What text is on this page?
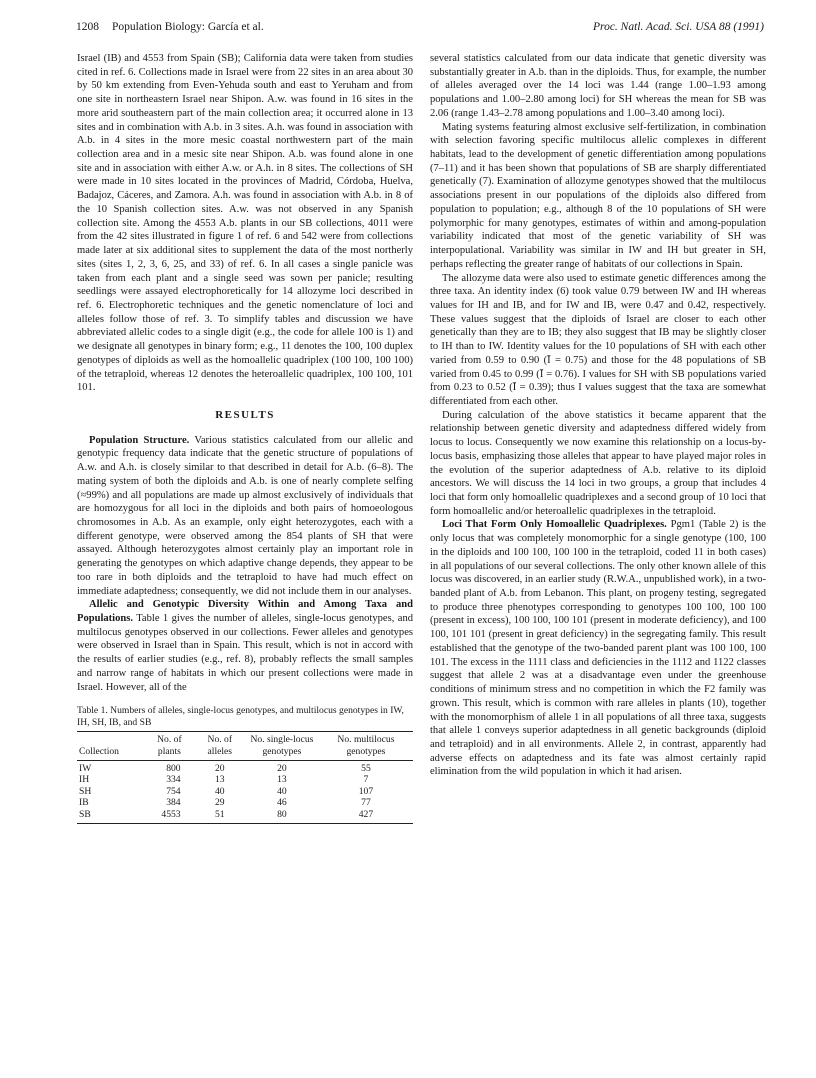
1208 Population Biology: García et al.	Proc. Natl. Acad. Sci. USA 88 (1991)

Israel (IB) and 4553 from Spain (SB); California data were taken from studies cited in ref. 6. Collections made in Israel were from 22 sites in an area about 30 by 50 km extending from Even-Yehuda south and east to Yeruham and from one site in northeastern Israel near Shipon. A.w. was found in 16 sites in the more arid southeastern part of the main collection area; it occurred alone in 13 sites and in combination with A.b. in 3 sites. A.h. was found in association with A.b. in 4 sites in the more mesic coastal northwestern part of the main collection area and in a mesic site near Shipon. A.b. was found alone in one site and in association with either A.w. or A.h. in 8 sites. The collections of SH were made in 10 sites located in the provinces of Madrid, Córdoba, Huelva, Badajoz, Cáceres, and Zamora. A.h. was found in association with A.b. in 8 of the 10 Spanish collection sites. A.w. was not observed in any Spanish collection site. Among the 4553 A.b. plants in our SB collections, 4011 were from the 42 sites illustrated in figure 1 of ref. 6 and 542 were from collections made later at six additional sites to supplement the data of the most northerly sites (sites 1, 2, 3, 6, 25, and 33) of ref. 6. In all cases a single panicle was taken from each plant and a single seed was sown per panicle; resulting seedlings were assayed electrophoretically for 14 allozyme loci described in ref. 6. Electrophoretic techniques and the genetic nomenclature of loci and alleles follow those of ref. 3. To simplify tables and discussion we have abbreviated allelic codes to a single digit (e.g., the code for allele 100 is 1) and we designate all genotypes in binary form; e.g., 11 denotes the 100, 100 duplex genotypes of diploids as well as the homoallelic quadriplex (100 100, 100 100) of the tetraploid, whereas 12 denotes the heteroallelic quadriplex, 100 100, 101 101.

RESULTS

Population Structure. Various statistics calculated from our allelic and genotypic frequency data indicate that the genetic structure of populations of A.w. and A.h. is closely similar to that described in detail for A.b. (6–8). The mating system of both the diploids and A.b. is one of nearly complete selfing (≈99%) and all populations are made up almost exclusively of individuals that are homozygous for all loci in the diploids and both pairs of homoeologous chromosomes in A.b. As an example, only eight heterozygotes, each with a different genotype, were observed among the 854 plants of SH that were assayed. Although heterozygotes almost certainly play an important role in generating the genotypes on which adaptive change depends, they appear to be too rare in both diploids and the tetraploid to have had much effect on immediate adaptedness; consequently, we did not include them in our analyses.

Allelic and Genotypic Diversity Within and Among Taxa and Populations. Table 1 gives the number of alleles, single-locus genotypes, and multilocus genotypes observed in our collections. Fewer alleles and genotypes were observed in Israel than in Spain. This result, which is not in accord with the results of earlier studies (e.g., ref. 8), probably reflects the small samples and narrow range of habitats in which our present collections were made in Israel. However, all of the

Table 1. Numbers of alleles, single-locus genotypes, and multilocus genotypes in IW, IH, SH, IB, and SB

Collection	No. of plants	No. of alleles	No. single-locus genotypes	No. multilocus genotypes
IW	800	20	20	55
IH	334	13	13	7
SH	754	40	40	107
IB	384	29	46	77
SB	4553	51	80	427

several statistics calculated from our data indicate that genetic diversity was substantially greater in A.b. than in the diploids. Thus, for example, the number of alleles averaged over the 14 loci was 1.44 (range 1.00–1.93 among populations and 1.00–2.80 among loci) for SH whereas the mean for SB was 2.06 (range 1.43–2.78 among populations and 1.00–3.40 among loci).

Mating systems featuring almost exclusive self-fertilization, in combination with selection favoring specific multilocus allelic complexes in different habitats, lead to the development of genetic differentiation among populations (7–11) and it has been shown that populations of SB are sharply differentiated genetically (7). Examination of allozyme genotypes showed that the multilocus associations present in our populations of the diploids also differed from population to population; e.g., although 8 of the 10 populations of SH were polymorphic for many genotypes, estimates of within and among-population variability indicated that most of the genetic variability of SH was interpopulational. Variability was similar in IW and IH but greater in SH, perhaps reflecting the greater range of habitats of our collections in Spain.

The allozyme data were also used to estimate genetic differences among the three taxa. An identity index (6) took value 0.79 between IW and IH whereas values for IH and IB, and for IW and IB, were 0.47 and 0.42, respectively. These values suggest that the diploids of Israel are closer to each other genetically than they are to IB; they also suggest that IB may be slightly closer to IH than to IW. Identity values for the 10 populations of SH with each other varied from 0.59 to 0.90 (Ī = 0.75) and those for the 48 populations of SB varied from 0.45 to 0.99 (Ī = 0.76). I values for SH with SB populations varied from 0.23 to 0.52 (Ī = 0.39); thus I values suggest that the taxa are somewhat differentiated from each other.

During calculation of the above statistics it became apparent that the relationship between genetic diversity and adaptedness differed widely from locus to locus. Consequently we now examine this relationship on a locus-by-locus basis, emphasizing those alleles that appear to have played major roles in the evolution of the superior adaptedness of A.b. relative to its diploid ancestors. We will discuss the 14 loci in two groups, a group that includes 4 loci that form only homoallelic quadriplexes and a second group of 10 loci that form homoallelic and/or heteroallelic quadriplexes in the tetraploid.

Loci That Form Only Homoallelic Quadriplexes. Pgm1 (Table 2) is the only locus that was completely monomorphic for a single genotype (100, 100 in the diploids and 100 100, 100 100 in the tetraploid, coded 11 in both cases) in all populations of our several collections. The only other known allele of this locus was discovered, in an earlier study (R.W.A., unpublished work), in a two-banded plant of A.b. from Lebanon. This plant, on progeny testing, segregated to produce three phenotypes corresponding to genotypes 100 100, 100 100 (present in excess), 100 100, 100 101 (present in moderate deficiency), and 100 100, 101 101 (present in great deficiency) in the segregating family. This result established that the genotype of the two-banded parent plant was 100 100, 100 101. The excess in the 1111 class and deficiencies in the 1112 and 1122 classes suggest that allele 2 was at a disadvantage even under the greenhouse conditions of minimum stress and no competition in which the F2 family was grown. This result, which is common with rare alleles in plants (10), together with the monomorphism of allele 1 in all populations of all three taxa, suggests that allele 1 conveys superior adaptedness in all genetic backgrounds (diploid and tetraploid) and in all environments. Allele 2, in contrast, apparently had adverse effects on adaptedness and its fate was almost certainly rapid elimination from the wild population in which it had arisen.
